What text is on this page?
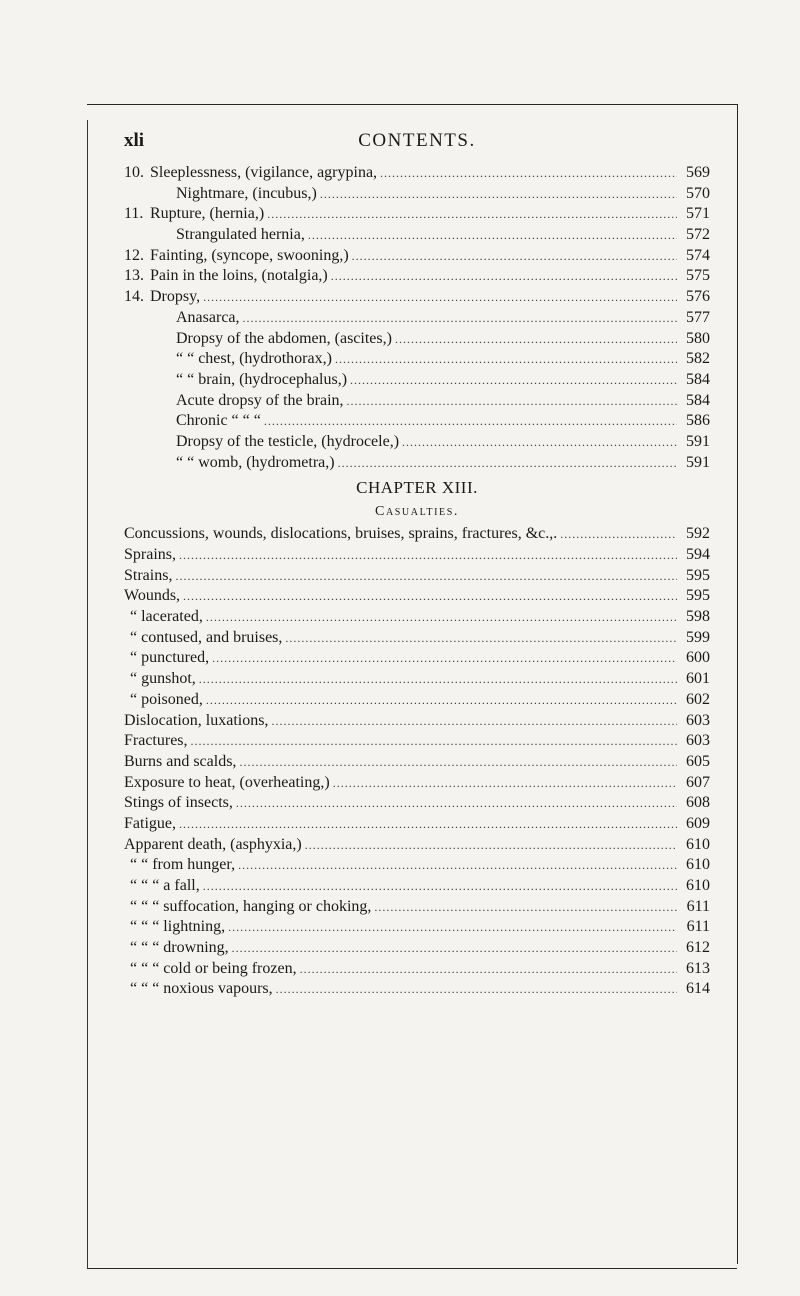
xli	CONTENTS.
10. Sleeplessness, (vigilance, agrypina, .....	569
Nightmare, (incubus,) .....	570
11. Rupture, (hernia,) .....	571
Strangulated hernia, .....	572
12. Fainting, (syncope, swooning,) .....	574
13. Pain in the loins, (notalgia,) .....	575
14. Dropsy, .....	576
Anasarca, .....	577
Dropsy of the abdomen, (ascites,) .....	580
“ “ chest, (hydrothorax,) .....	582
“ “ brain, (hydrocephalus,) .....	584
Acute dropsy of the brain, .....	584
Chronic “ “ “ .....	586
Dropsy of the testicle, (hydrocele,) .....	591
“ “ womb, (hydrometra,) .....	591
CHAPTER XIII.
Casualties.
Concussions, wounds, dislocations, bruises, sprains, fractures, &c.,. .....	592
Sprains, .....	594
Strains, .....	595
Wounds, .....	595
“ lacerated, .....	598
“ contused, and bruises, .....	599
“ punctured, .....	600
“ gunshot, .....	601
“ poisoned, .....	602
Dislocation, luxations, .....	603
Fractures, .....	603
Burns and scalds, .....	605
Exposure to heat, (overheating,) .....	607
Stings of insects, .....	608
Fatigue, .....	609
Apparent death, (asphyxia,) .....	610
“ “ from hunger, .....	610
“ “ “ a fall, .....	610
“ “ “ suffocation, hanging or choking, .....	611
“ “ “ lightning, .....	611
“ “ “ drowning, .....	612
“ “ “ cold or being frozen, .....	613
“ “ “ noxious vapours, .....	614
